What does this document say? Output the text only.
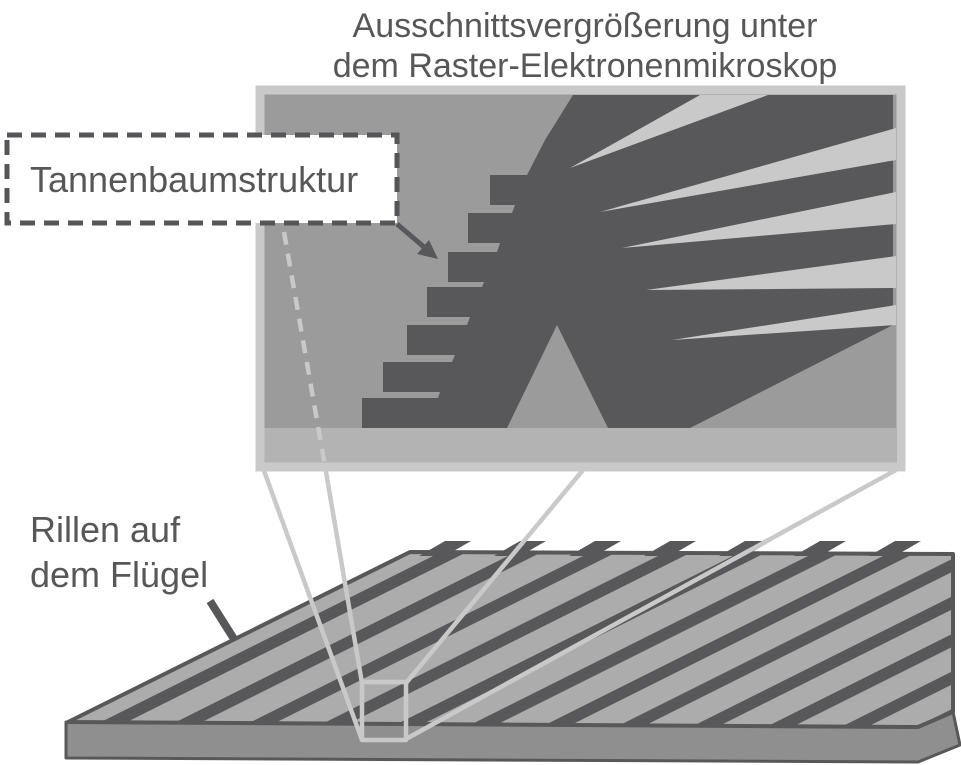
Tannenbaumstruktur
Ausschnittsvergrößerung unter
dem Raster-Elektronenmikroskop
Rillen auf
dem Flügel
